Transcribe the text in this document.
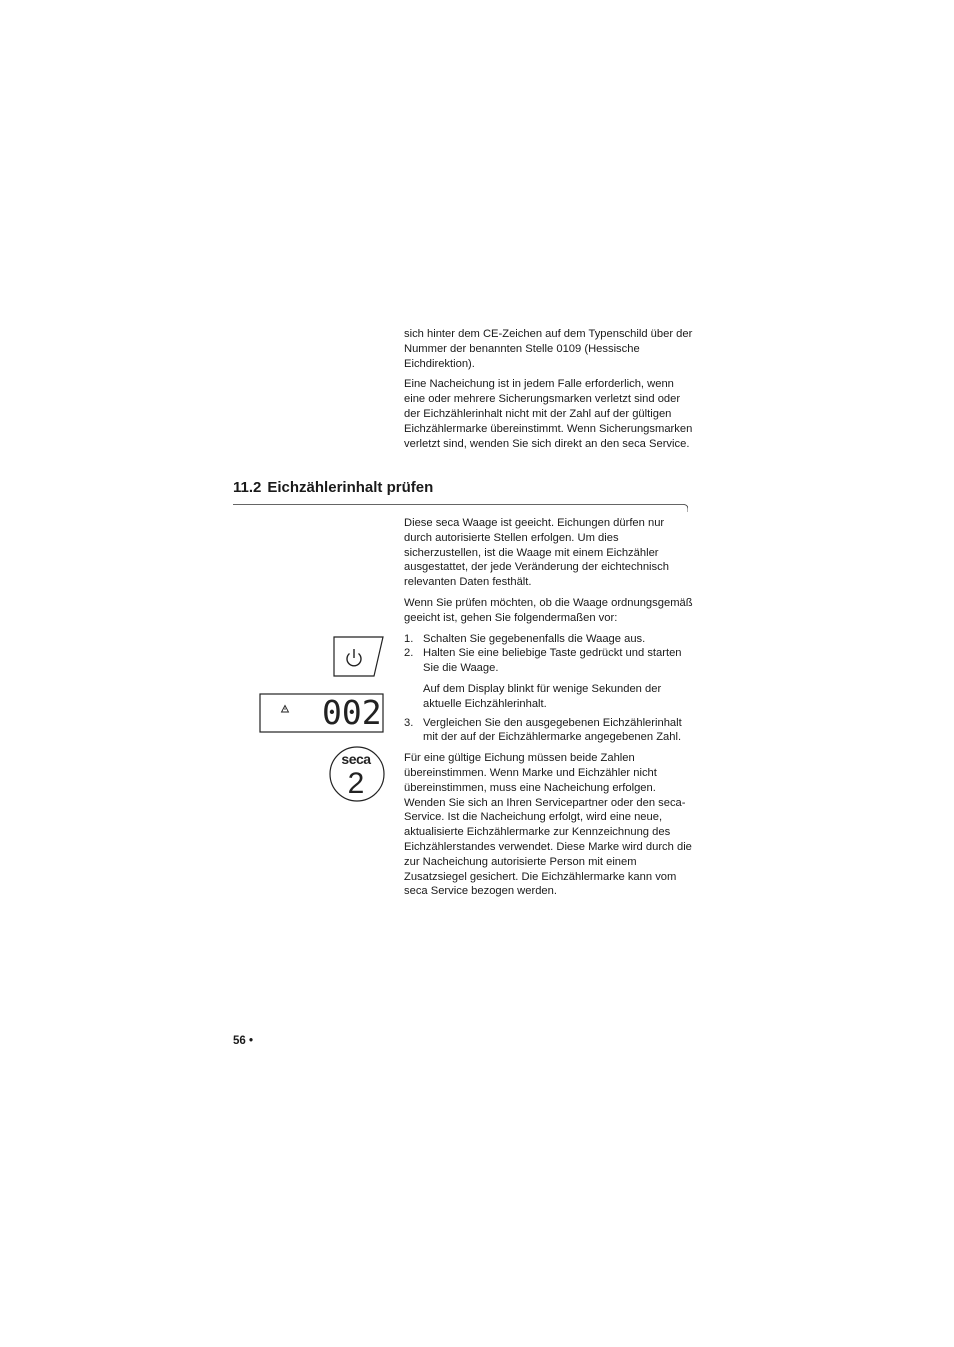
sich hinter dem CE-Zeichen auf dem Typenschild über der Nummer der benannten Stelle 0109 (Hessische Eichdirektion).

Eine Nacheichung ist in jedem Falle erforderlich, wenn eine oder mehrere Sicherungsmarken verletzt sind oder der Eichzählerinhalt nicht mit der Zahl auf der gültigen Eichzählermarke übereinstimmt. Wenn Sicherungsmarken verletzt sind, wenden Sie sich direkt an den seca Service.

11.2 Eichzählerinhalt prüfen

Diese seca Waage ist geeicht. Eichungen dürfen nur durch autorisierte Stellen erfolgen. Um dies sicherzustellen, ist die Waage mit einem Eichzähler ausgestattet, der jede Veränderung der eichtechnisch relevanten Daten festhält.

Wenn Sie prüfen möchten, ob die Waage ordnungsgemäß geeicht ist, gehen Sie folgendermaßen vor:

1. Schalten Sie gegebenenfalls die Waage aus.
2. Halten Sie eine beliebige Taste gedrückt und starten Sie die Waage.
Auf dem Display blinkt für wenige Sekunden der aktuelle Eichzählerinhalt.
3. Vergleichen Sie den ausgegebenen Eichzählerinhalt mit der auf der Eichzählermarke angegebenen Zahl.

Für eine gültige Eichung müssen beide Zahlen übereinstimmen. Wenn Marke und Eichzähler nicht übereinstimmen, muss eine Nacheichung erfolgen. Wenden Sie sich an Ihren Servicepartner oder den seca-Service. Ist die Nacheichung erfolgt, wird eine neue, aktualisierte Eichzählermarke zur Kennzeichnung des Eichzählerstandes verwendet. Diese Marke wird durch die zur Nacheichung autorisierte Person mit einem Zusatzsiegel gesichert. Die Eichzählermarke kann vom seca Service bezogen werden.

002
seca
2
56 •
